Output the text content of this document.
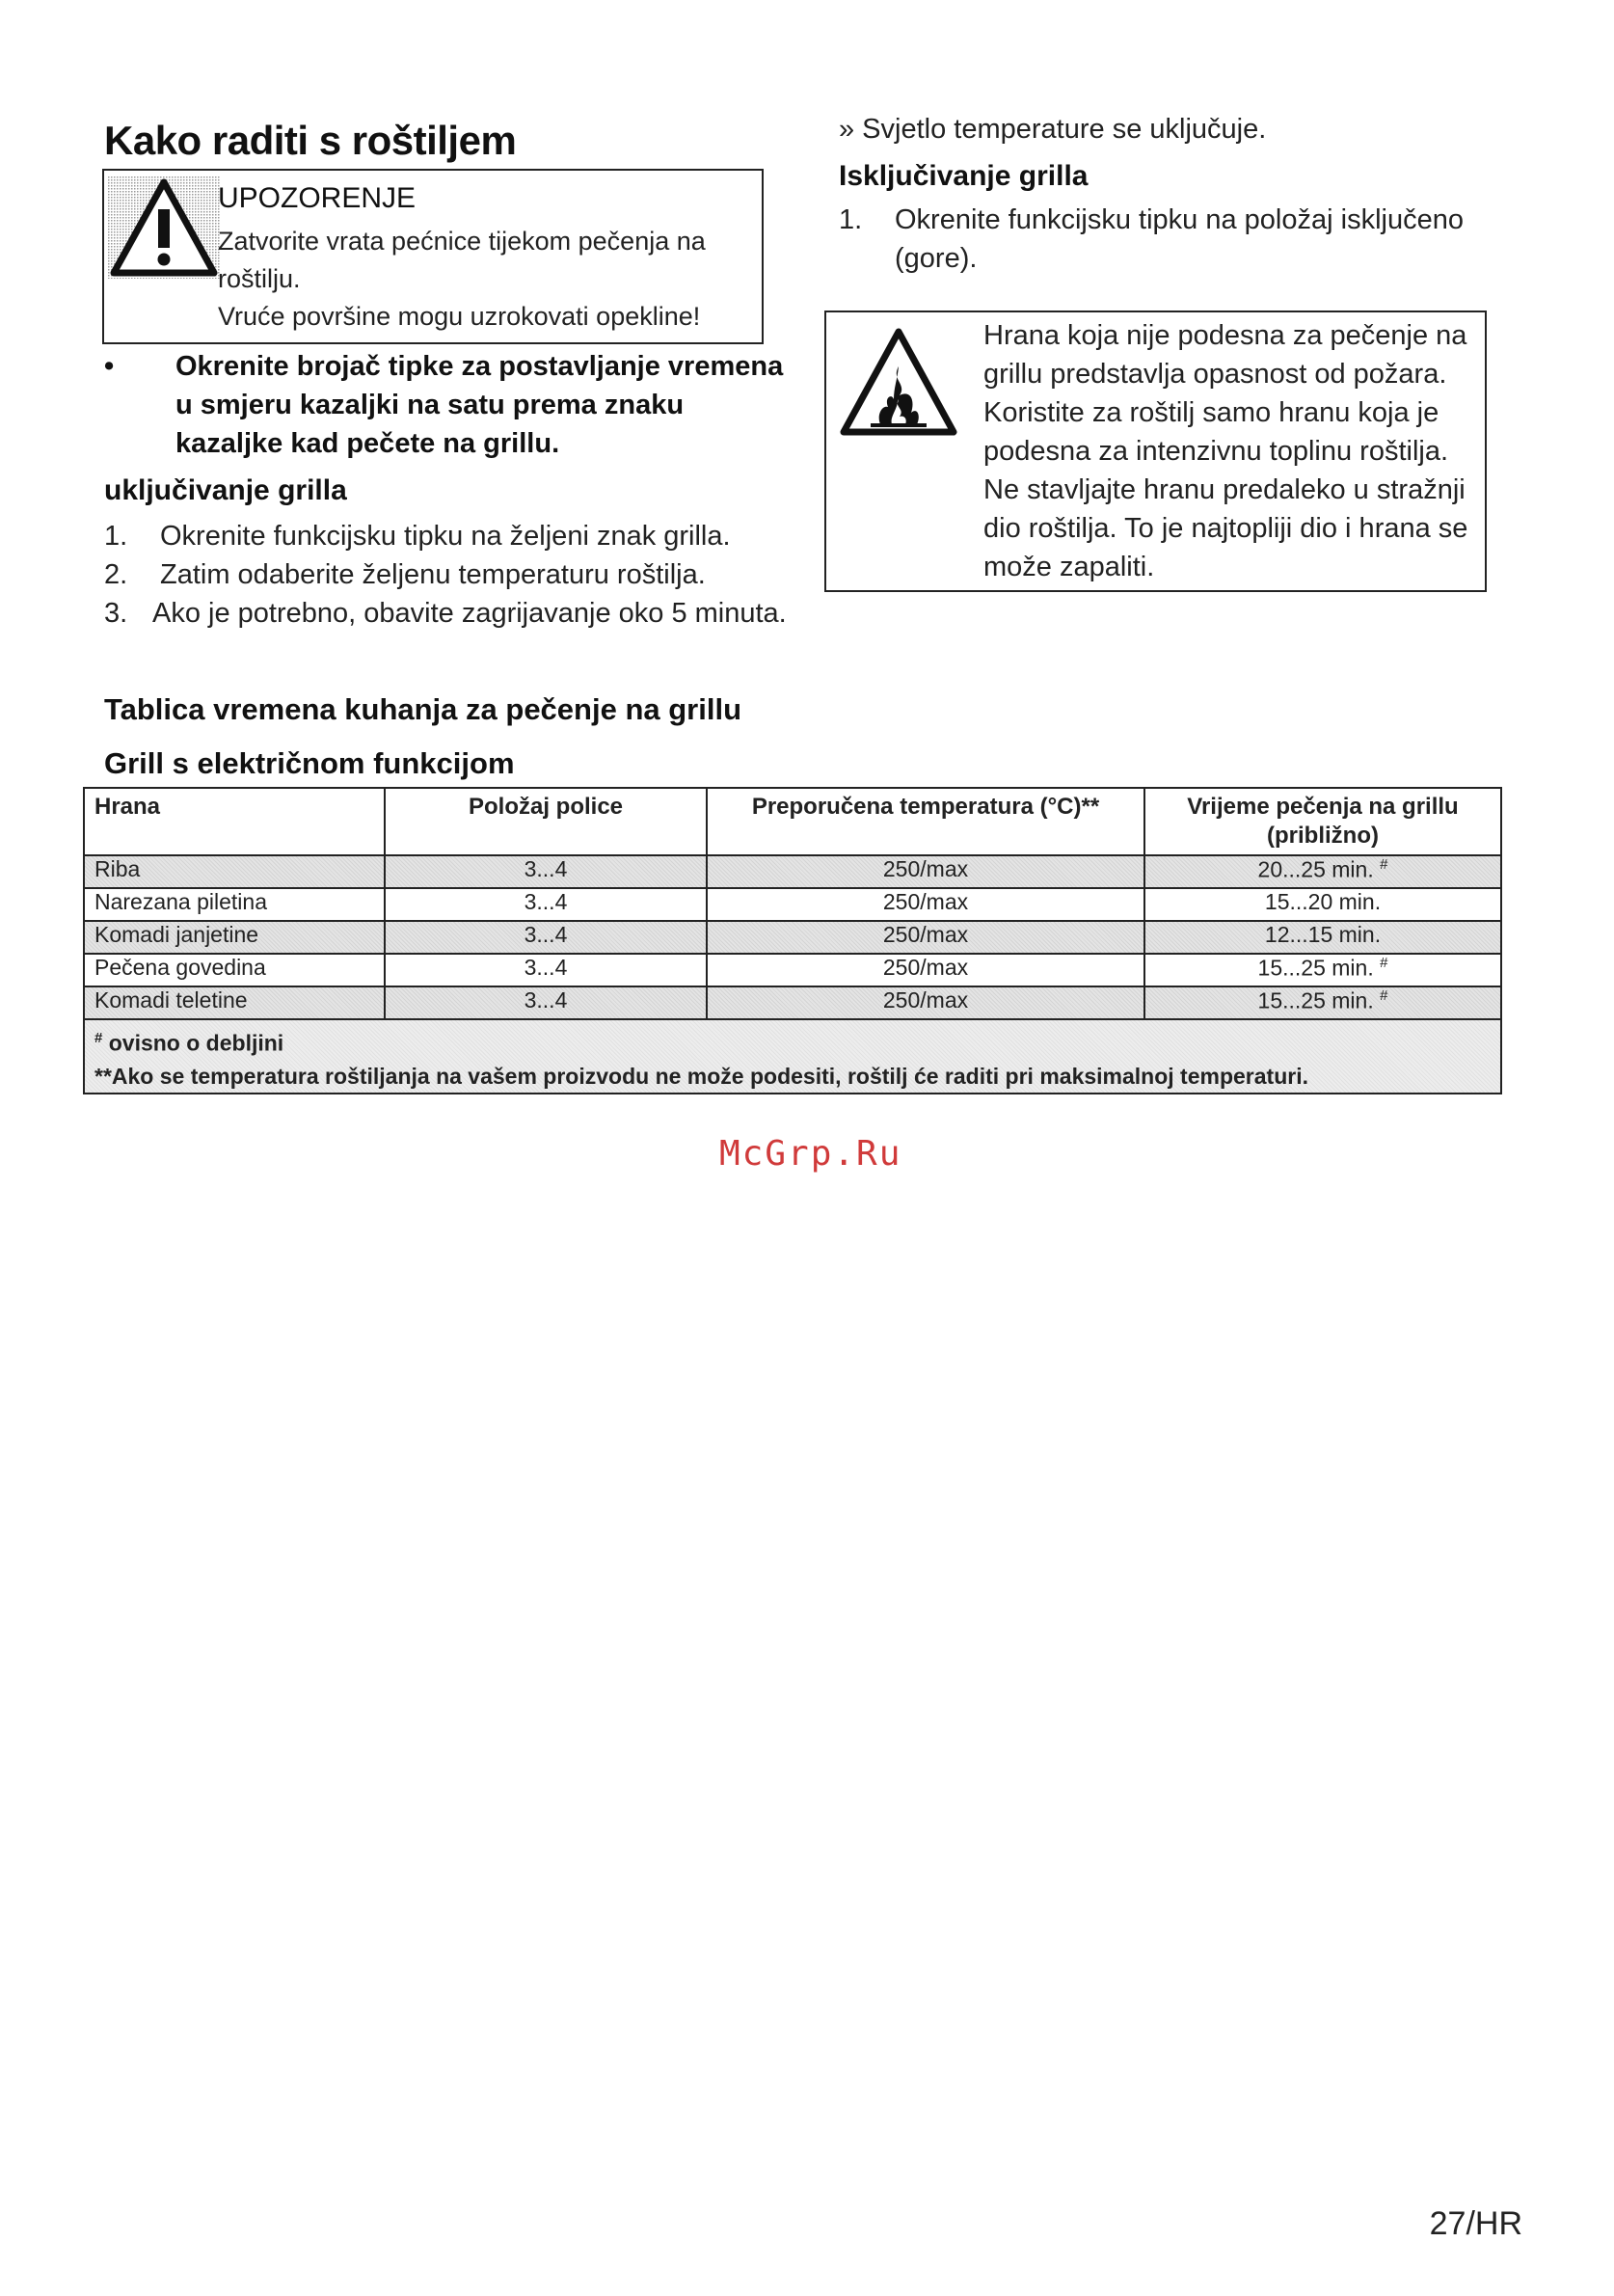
Kako raditi s roštiljem
UPOZORENJE
Zatvorite vrata pećnice tijekom pečenja na
roštilju.
Vruće površine mogu uzrokovati opekline!
• Okrenite brojač tipke za postavljanje vremena u smjeru kazaljki na satu prema znaku kazaljke kad pečete na grillu.
uključivanje grilla
1. Okrenite funkcijsku tipku na željeni znak grilla.
2. Zatim odaberite željenu temperaturu roštilja.
3. Ako je potrebno, obavite zagrijavanje oko 5 minuta.
» Svjetlo temperature se uključuje.
Isključivanje grilla
1. Okrenite funkcijsku tipku na položaj isključeno
(gore).
Hrana koja nije podesna za pečenje na grillu predstavlja opasnost od požara. Koristite za roštilj samo hranu koja je podesna za intenzivnu toplinu roštilja. Ne stavljajte hranu predaleko u stražnji dio roštilja. To je najtopliji dio i hrana se može zapaliti.
Tablica vremena kuhanja za pečenje na grillu
Grill s električnom funkcijom
Hrana	Položaj police	Preporučena temperatura (°C)**	Vrijeme pečenja na grillu
(približno)

Riba	3...4	250/max	20...25 min. #
Narezana piletina	3...4	250/max	15...20 min.
Komadi janjetine	3...4	250/max	12...15 min.
Pečena govedina	3...4	250/max	15...25 min. #
Komadi teletine	3...4	250/max	15...25 min. #

# ovisno o debljini
**Ako se temperatura roštiljanja na vašem proizvodu ne može podesiti, roštilj će raditi pri maksimalnoj temperaturi.			
McGrp.Ru
27/HR
